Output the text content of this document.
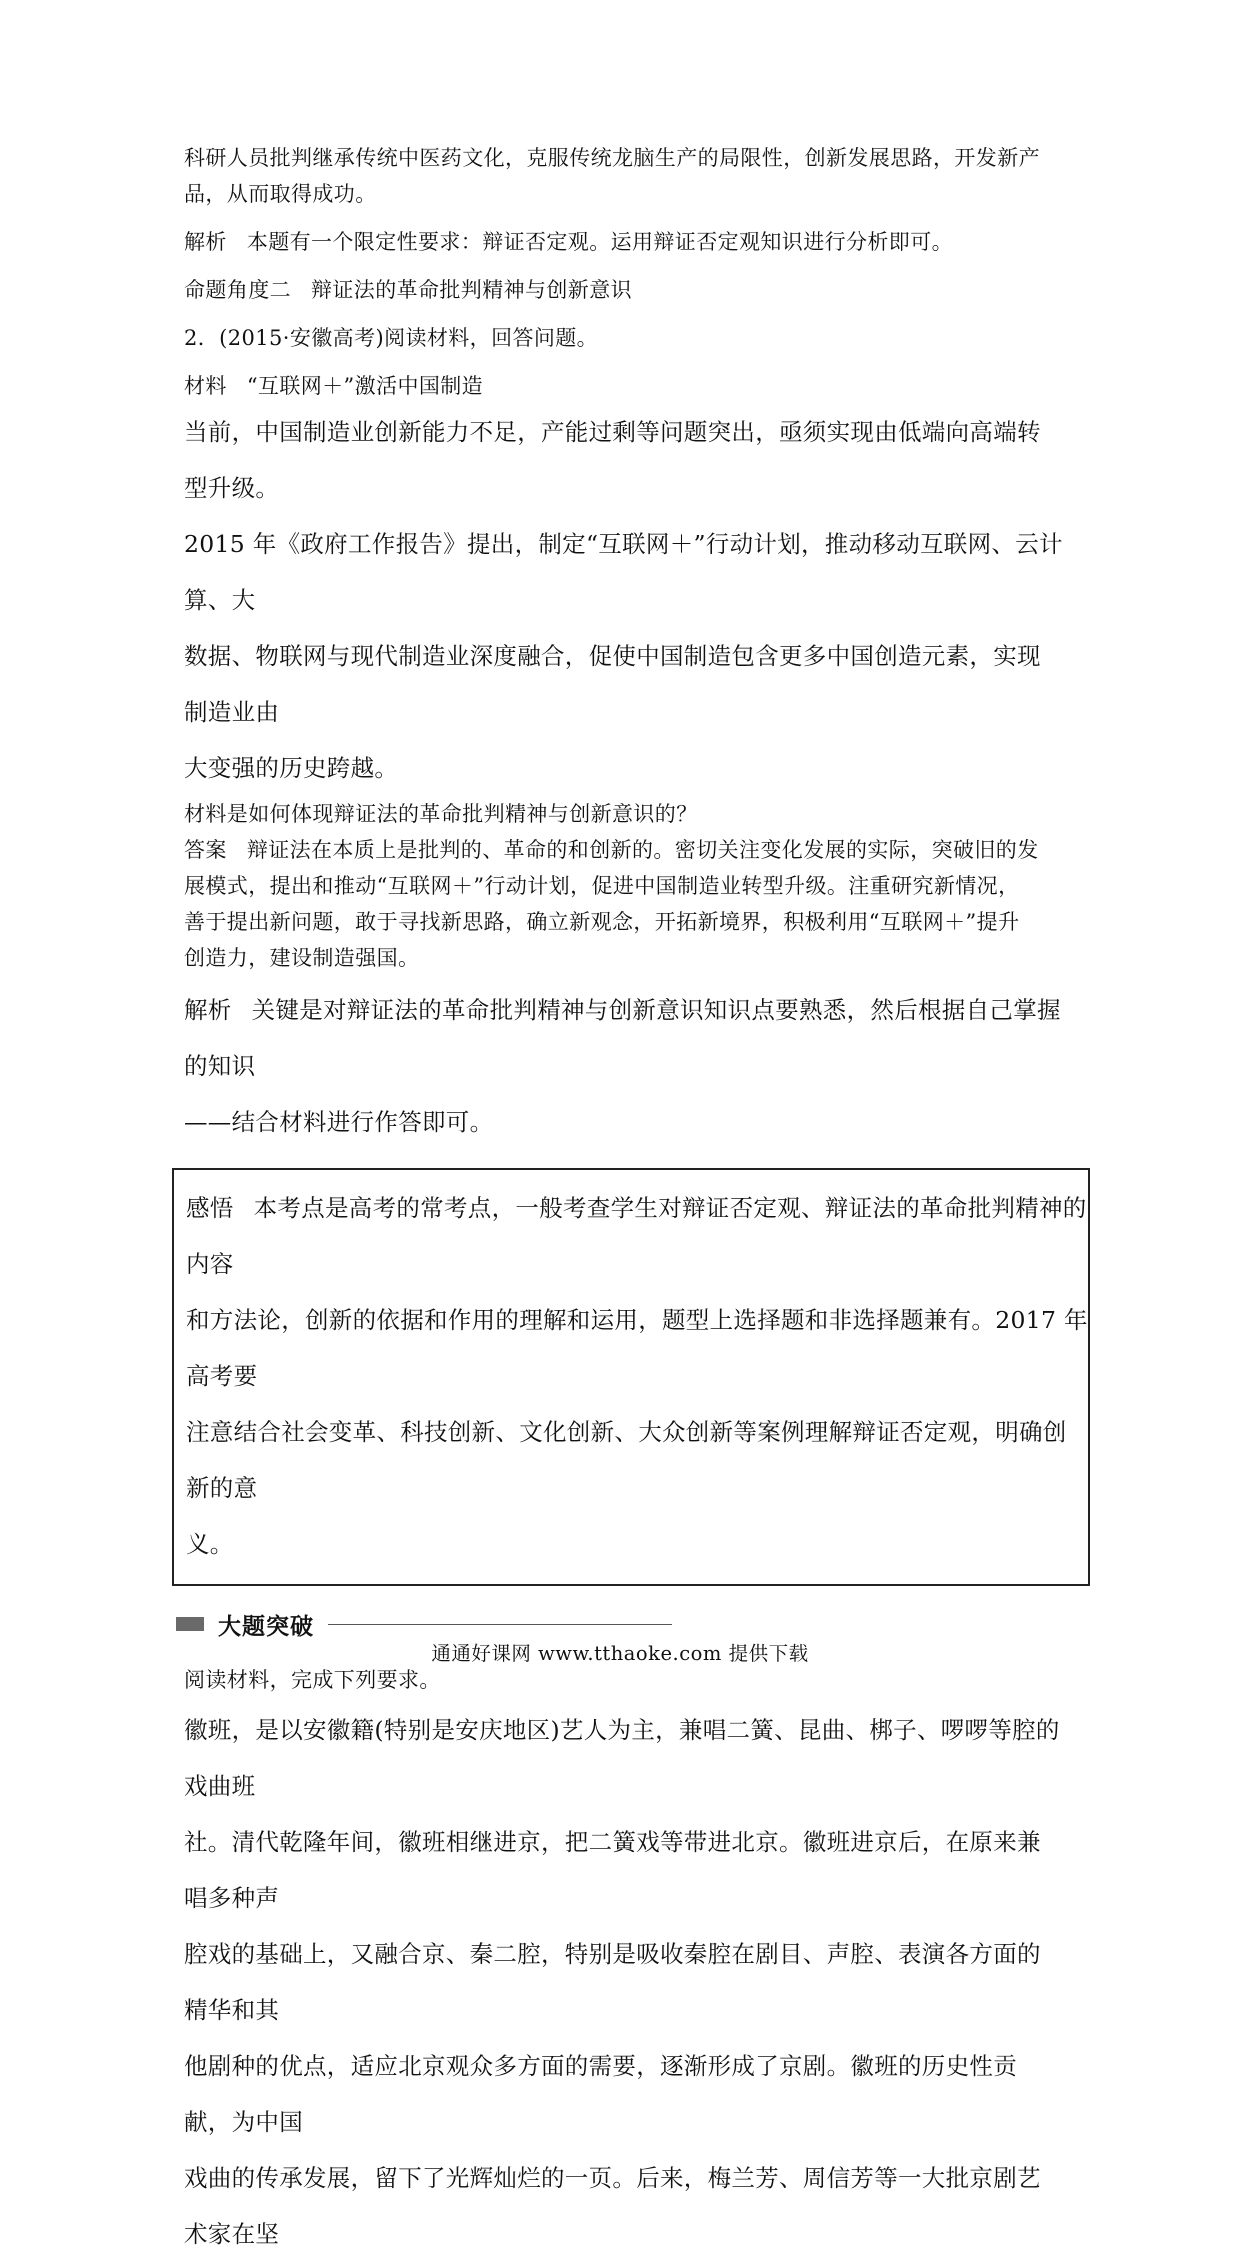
科研人员批判继承传统中医药文化，克服传统龙脑生产的局限性，创新发展思路，开发新产
品，从而取得成功。
解析 本题有一个限定性要求：辩证否定观。运用辩证否定观知识进行分析即可。
命题角度二 辩证法的革命批判精神与创新意识
2．(2015·安徽高考)阅读材料，回答问题。
材料 “互联网＋”激活中国制造
当前，中国制造业创新能力不足，产能过剩等问题突出，亟须实现由低端向高端转型升级。
2015 年《政府工作报告》提出，制定“互联网＋”行动计划，推动移动互联网、云计算、大
数据、物联网与现代制造业深度融合，促使中国制造包含更多中国创造元素，实现制造业由
大变强的历史跨越。
材料是如何体现辩证法的革命批判精神与创新意识的？
答案 辩证法在本质上是批判的、革命的和创新的。密切关注变化发展的实际，突破旧的发
展模式，提出和推动“互联网＋”行动计划，促进中国制造业转型升级。注重研究新情况，
善于提出新问题，敢于寻找新思路，确立新观念，开拓新境界，积极利用“互联网＋”提升
创造力，建设制造强国。
解析 关键是对辩证法的革命批判精神与创新意识知识点要熟悉，然后根据自己掌握的知识
——结合材料进行作答即可。
感悟 本考点是高考的常考点，一般考查学生对辩证否定观、辩证法的革命批判精神的内容
和方法论，创新的依据和作用的理解和运用，题型上选择题和非选择题兼有。2017 年高考要
注意结合社会变革、科技创新、文化创新、大众创新等案例理解辩证否定观，明确创新的意
义。
大题突破
阅读材料，完成下列要求。
徽班，是以安徽籍(特别是安庆地区)艺人为主，兼唱二簧、昆曲、梆子、啰啰等腔的戏曲班
社。清代乾隆年间，徽班相继进京，把二簧戏等带进北京。徽班进京后，在原来兼唱多种声
腔戏的基础上，又融合京、秦二腔，特别是吸收秦腔在剧目、声腔、表演各方面的精华和其
他剧种的优点，适应北京观众多方面的需要，逐渐形成了京剧。徽班的历史性贡献，为中国
戏曲的传承发展，留下了光辉灿烂的一页。后来，梅兰芳、周信芳等一大批京剧艺术家在坚
通通好课网 www.tthaoke.com 提供下载
